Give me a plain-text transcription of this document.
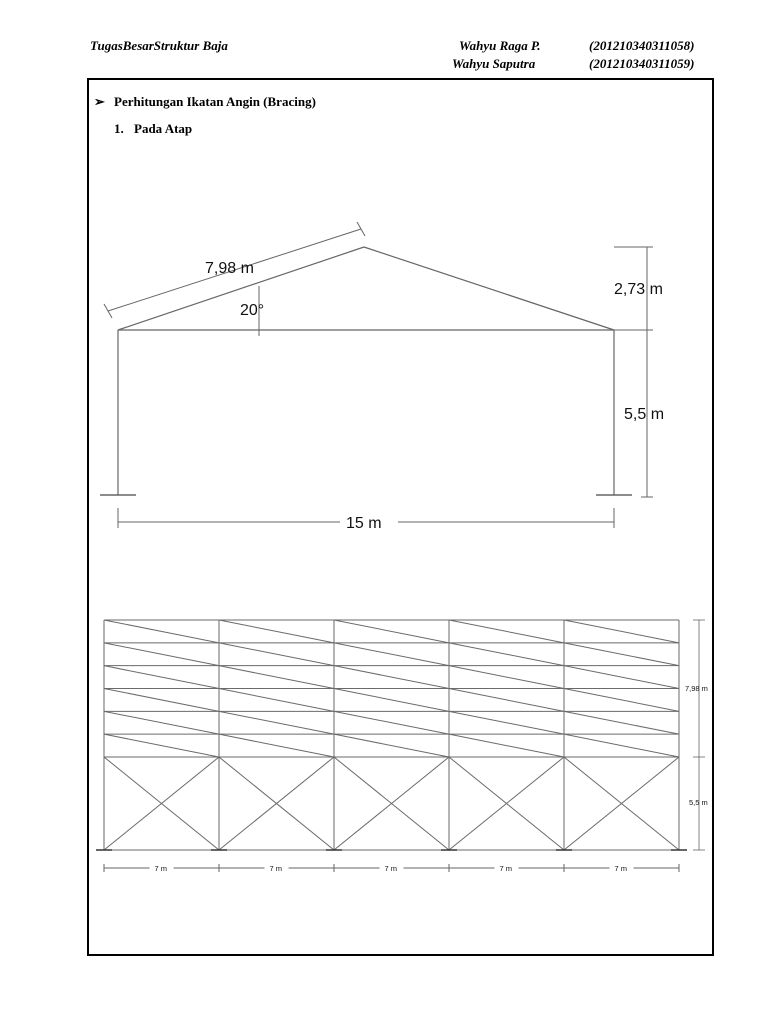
TugasBesarStruktur Baja	Wahyu Raga P.	(201210340311058)
Wahyu Saputra	(201210340311059)
➢ Perhitungan Ikatan Angin (Bracing)
1. Pada Atap
7,98 m
20°
2,73 m
5,5 m
15 m
7,98 m
5,5 m
7 m	7 m	7 m	7 m	7 m
